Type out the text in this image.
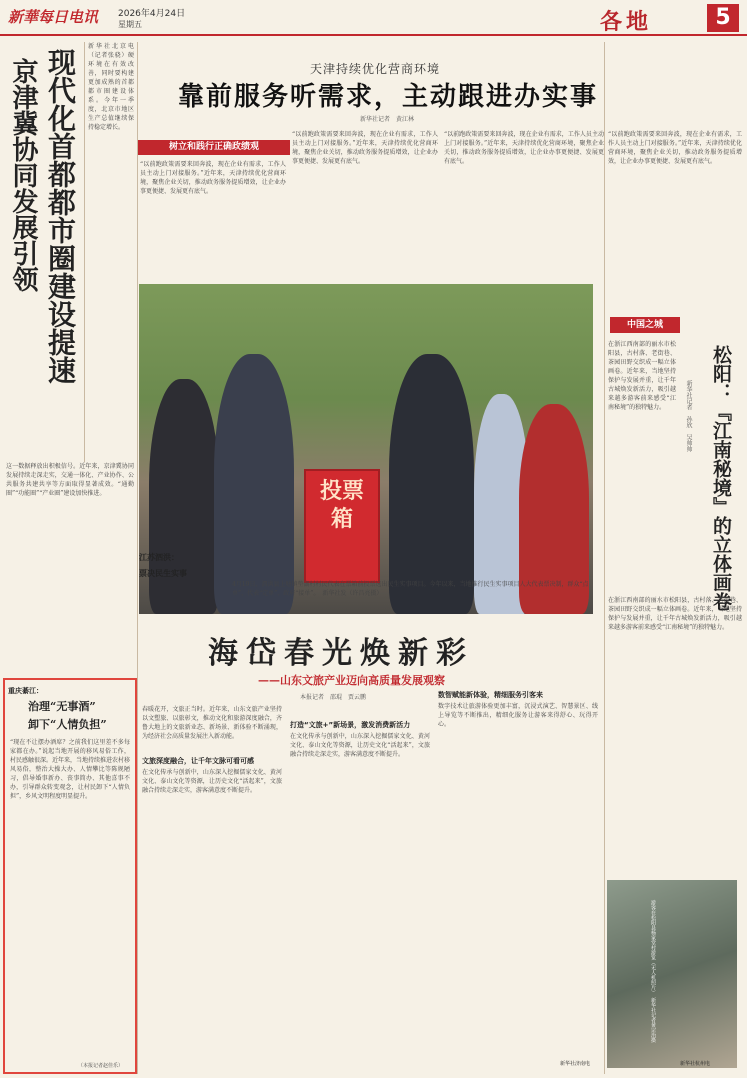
新華每日电讯 2026年4月24日
星期五	各地	5
京津冀协同发展引领 现代化首都都市圈建设提速
新华社北京电（记者张骁）硬环境在有效改善，同时要构建更加成熟的首都都市圈建设体系。今年一季度，北京市地区生产总值继续保持稳定增长。
这一数据释放出积极信号。近年来，京津冀协同发展持续走深走实，交通一体化、产业协作、公共服务共建共享等方面取得显著成效。“通勤圈”“功能圈”“产业圈”建设加快推进。
重庆綦江：
治理“无事酒”
卸下“人情负担”
“现在不让摆办酒席？之前我们这里差不多每家都在办。”说起当地开展的移风易俗工作，村民感触很深。近年来，当地持续推进农村移风易俗，整治大操大办、人情攀比等陈规陋习，倡导婚事新办、丧事简办、其他喜事不办，引导群众转变观念，让村民卸下“人情负担”，乡风文明程度明显提升。
（本报记者赵佳乐）
天津持续优化营商环境
靠前服务听需求，主动跟进办实事
新华社记者　黄江林
树立和践行正确政绩观
“以前跑政策需要来回奔波，现在企业有需求，工作人员主动上门对接服务。”近年来，天津持续优化营商环境，聚焦企业关切，推动政务服务提质增效，让企业办事更便捷、发展更有底气。
“以前跑政策需要来回奔波，现在企业有需求，工作人员主动上门对接服务。”近年来，天津持续优化营商环境，聚焦企业关切，推动政务服务提质增效，让企业办事更便捷、发展更有底气。
“以前跑政策需要来回奔波，现在企业有需求，工作人员主动上门对接服务。”近年来，天津持续优化营商环境，聚焦企业关切，推动政务服务提质增效，让企业办事更便捷、发展更有底气。
投票箱
江苏泗洪：
票决民生实事
4月19日，泗洪县上塘镇垫湖村村民代表在票箱前投票选出民生实事项目。今年以来，当地推行民生实事项目人大代表票决制，群众“点单”、代表“定单”、政府“接单”。　新华社发（许昌亮摄）
“以前跑政策需要来回奔波，现在企业有需求，工作人员主动上门对接服务。”近年来，天津持续优化营商环境，聚焦企业关切，推动政务服务提质增效，让企业办事更便捷、发展更有底气。
中国之城
松阳：『江南秘境』的立体画卷
新华社记者　孙欣　吴帅帅
在浙江西南部的丽水市松阳县，古村落、老街巷、茶园田野交织成一幅立体画卷。近年来，当地坚持保护与发展并重，让千年古城焕发新活力，吸引越来越多游客前来感受“江南秘境”的独特魅力。
在浙江西南部的丽水市松阳县，古村落、老街巷、茶园田野交织成一幅立体画卷。近年来，当地坚持保护与发展并重，让千年古城焕发新活力，吸引越来越多游客前来感受“江南秘境”的独特魅力。
游客在松阳县杨家堂村游览（无人机照片）　新华社记者黄宗治摄
新华社杭州电
海岱春光焕新彩
——山东文旅产业迈向高质量发展观察
本报记者　邵琨　贾云鹏
文旅深度融合，让千年文脉可看可感
春暖花开，文旅正当时。近年来，山东文旅产业坚持以文塑旅、以旅彰文，推动文化和旅游深度融合，齐鲁大地上的文旅新业态、新场景、新体验不断涌现，为经济社会高质量发展注入新动能。
在文化传承与创新中，山东深入挖掘儒家文化、黄河文化、泰山文化等资源，让历史文化“活起来”，文旅融合持续走深走实，游客满意度不断提升。
打造“文旅+”新场景，激发消费新活力
在文化传承与创新中，山东深入挖掘儒家文化、黄河文化、泰山文化等资源，让历史文化“活起来”，文旅融合持续走深走实，游客满意度不断提升。
数智赋能新体验，精细服务引客来
数字技术让旅游体验更加丰富，沉浸式演艺、智慧景区、线上导览等不断推出，精细化服务让游客来得舒心、玩得开心。
新华社济南电
